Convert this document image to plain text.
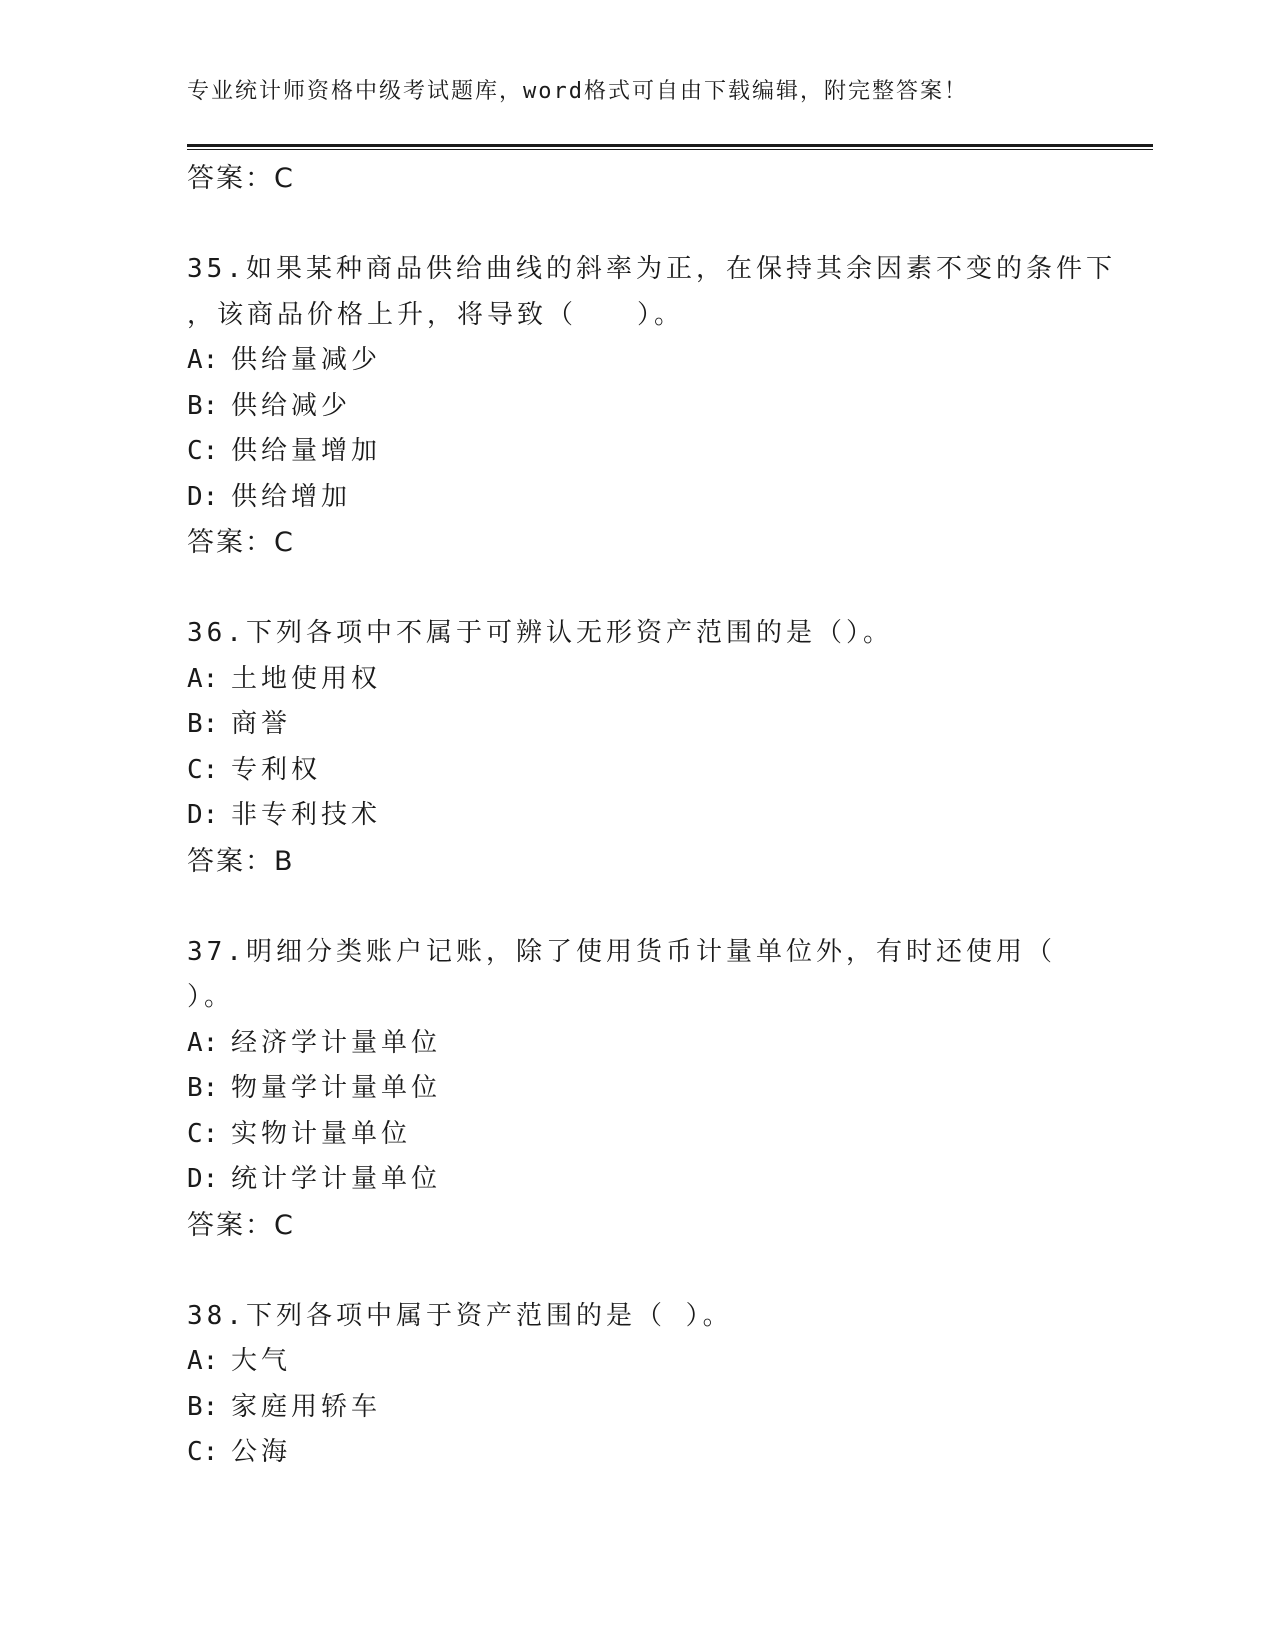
专业统计师资格中级考试题库，word格式可自由下载编辑，附完整答案！
答案：C
35.如果某种商品供给曲线的斜率为正，在保持其余因素不变的条件下
，该商品价格上升，将导致（　　）。
A: 供给量减少
B: 供给减少
C: 供给量增加
D: 供给增加
答案：C
36.下列各项中不属于可辨认无形资产范围的是（）。
A: 土地使用权
B: 商誉
C: 专利权
D: 非专利技术
答案：B
37.明细分类账户记账，除了使用货币计量单位外，有时还使用（
）。
A: 经济学计量单位
B: 物量学计量单位
C: 实物计量单位
D: 统计学计量单位
答案：C
38.下列各项中属于资产范围的是（ ）。
A: 大气
B: 家庭用轿车
C: 公海
